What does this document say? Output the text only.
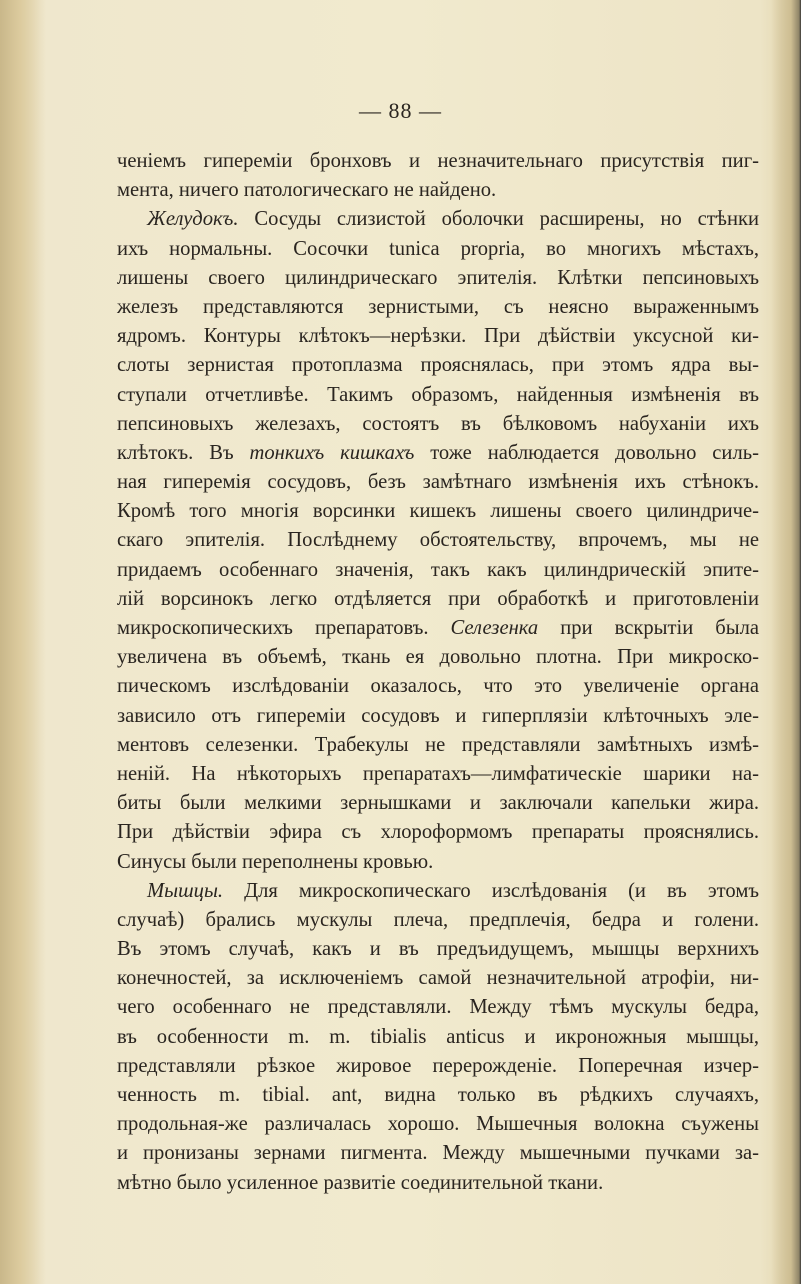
— 88 —
ченіемъ гипереміи бронховъ и незначительнаго присутствія пиг-
мента, ничего патологическаго не найдено.
Желудокъ. Сосуды слизистой оболочки расширены, но стѣнки
ихъ нормальны. Сосочки tuniса propria, во многихъ мѣстахъ,
лишены своего цилиндрическаго эпителія. Клѣтки пепсиновыхъ
железъ представляются зернистыми, съ неясно выраженнымъ
ядромъ. Контуры клѣтокъ—нерѣзки. При дѣйствіи уксусной ки-
слоты зернистая протоплазма прояснялась, при этомъ ядра вы-
ступали отчетливѣе. Такимъ образомъ, найденныя измѣненія въ
пепсиновыхъ железахъ, состоятъ въ бѣлковомъ набуханіи ихъ
клѣтокъ. Въ тонкихъ кишкахъ тоже наблюдается довольно силь-
ная гиперемія сосудовъ, безъ замѣтнаго измѣненія ихъ стѣнокъ.
Кромѣ того многія ворсинки кишекъ лишены своего цилиндриче-
скаго эпителія. Послѣднему обстоятельству, впрочемъ, мы не
придаемъ особеннаго значенія, такъ какъ цилиндрическій эпите-
лій ворсинокъ легко отдѣляется при обработкѣ и приготовленіи
микроскопическихъ препаратовъ. Селезенка при вскрытіи была
увеличена въ объемѣ, ткань ея довольно плотна. При микроско-
пическомъ изслѣдованіи оказалось, что это увеличеніе органа
зависило отъ гипереміи сосудовъ и гиперплязіи клѣточныхъ эле-
ментовъ селезенки. Трабекулы не представляли замѣтныхъ измѣ-
неній. На нѣкоторыхъ препаратахъ—лимфатическіе шарики на-
биты были мелкими зернышками и заключали капельки жира.
При дѣйствіи эфира съ хлороформомъ препараты прояснялись.
Синусы были переполнены кровью.
Мышцы. Для микроскопическаго изслѣдованія (и въ этомъ
случаѣ) брались мускулы плеча, предплечія, бедра и голени.
Въ этомъ случаѣ, какъ и въ предъидущемъ, мышцы верхнихъ
конечностей, за исключеніемъ самой незначительной атрофіи, ни-
чего особеннаго не представляли. Между тѣмъ мускулы бедра,
въ особенности m. m. tibialis anticus и икроножныя мышцы,
представляли рѣзкое жировое перерожденіе. Поперечная изчер-
ченность m. tibial. ant, видна только въ рѣдкихъ случаяхъ,
продольная-же различалась хорошо. Мышечныя волокна съужены
и пронизаны зернами пигмента. Между мышечными пучками за-
мѣтно было усиленное развитіе соединительной ткани.
